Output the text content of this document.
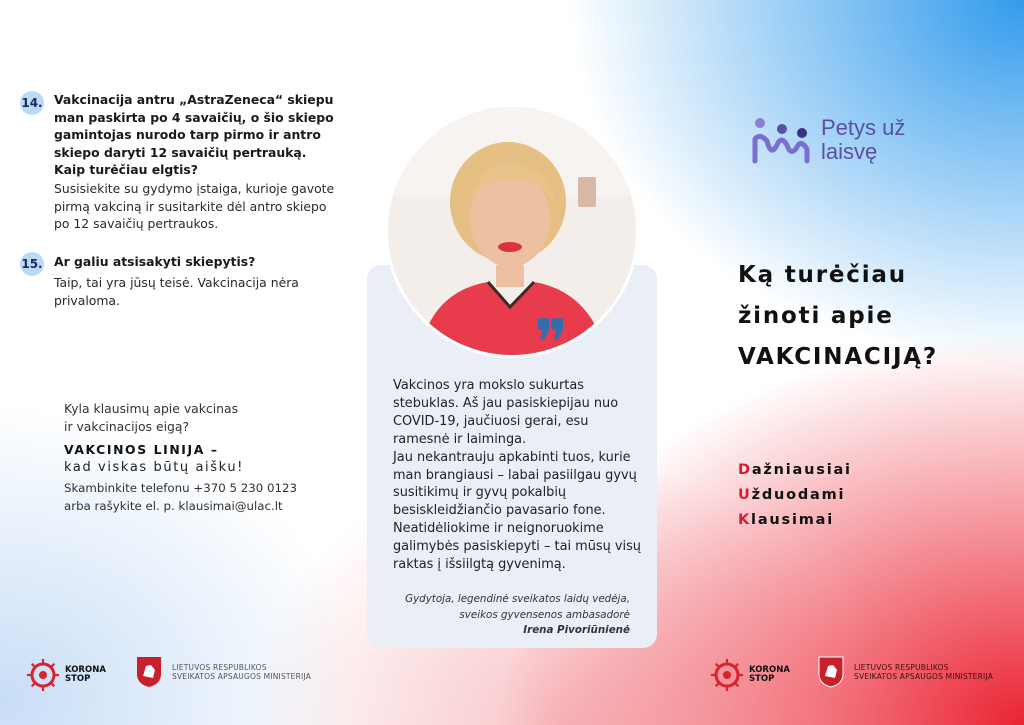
14. Vakcinacija antru „AstraZeneca“ skiepu
man paskirta po 4 savaičių, o šio skiepo
gamintojas nurodo tarp pirmo ir antro
skiepo daryti 12 savaičių pertrauką.
Kaip turėčiau elgtis?
Susisiekite su gydymo įstaiga, kurioje gavote
pirmą vakciną ir susitarkite dėl antro skiepo
po 12 savaičių pertraukos.
15. Ar galiu atsisakyti skiepytis?
Taip, tai yra jūsų teisė. Vakcinacija nėra
privaloma.
Kyla klausimų apie vakcinas
ir vakcinacijos eigą?
VAKCINOS LINIJA –
kad viskas būtų aišku!
Skambinkite telefonu +370 5 230 0123
arba rašykite el. p. klausimai@ulac.lt
❞
Vakcinos yra mokslo sukurtas
stebuklas. Aš jau pasiskiepijau nuo
COVID-19, jaučiuosi gerai, esu
ramesnė ir laiminga.
Jau nekantrauju apkabinti tuos, kurie
man brangiausi – labai pasiilgau gyvų
susitikimų ir gyvų pokalbių
besiskleidžiančio pavasario fone.
Neatidėliokime ir neignoruokime
galimybės pasiskiepyti – tai mūsų visų
raktas į išsiilgtą gyvenimą.
Gydytoja, legendinė sveikatos laidų vedėja,
sveikos gyvensenos ambasadorė
Irena Pivoriūnienė
Petys už
laisvę
Ką turėčiau
žinoti apie
VAKCINACIJĄ?
Dažniausiai
Užduodami
Klausimai
KORONA
STOP
LIETUVOS RESPUBLIKOS
SVEIKATOS APSAUGOS MINISTERIJA
KORONA
STOP
LIETUVOS RESPUBLIKOS
SVEIKATOS APSAUGOS MINISTERIJA
